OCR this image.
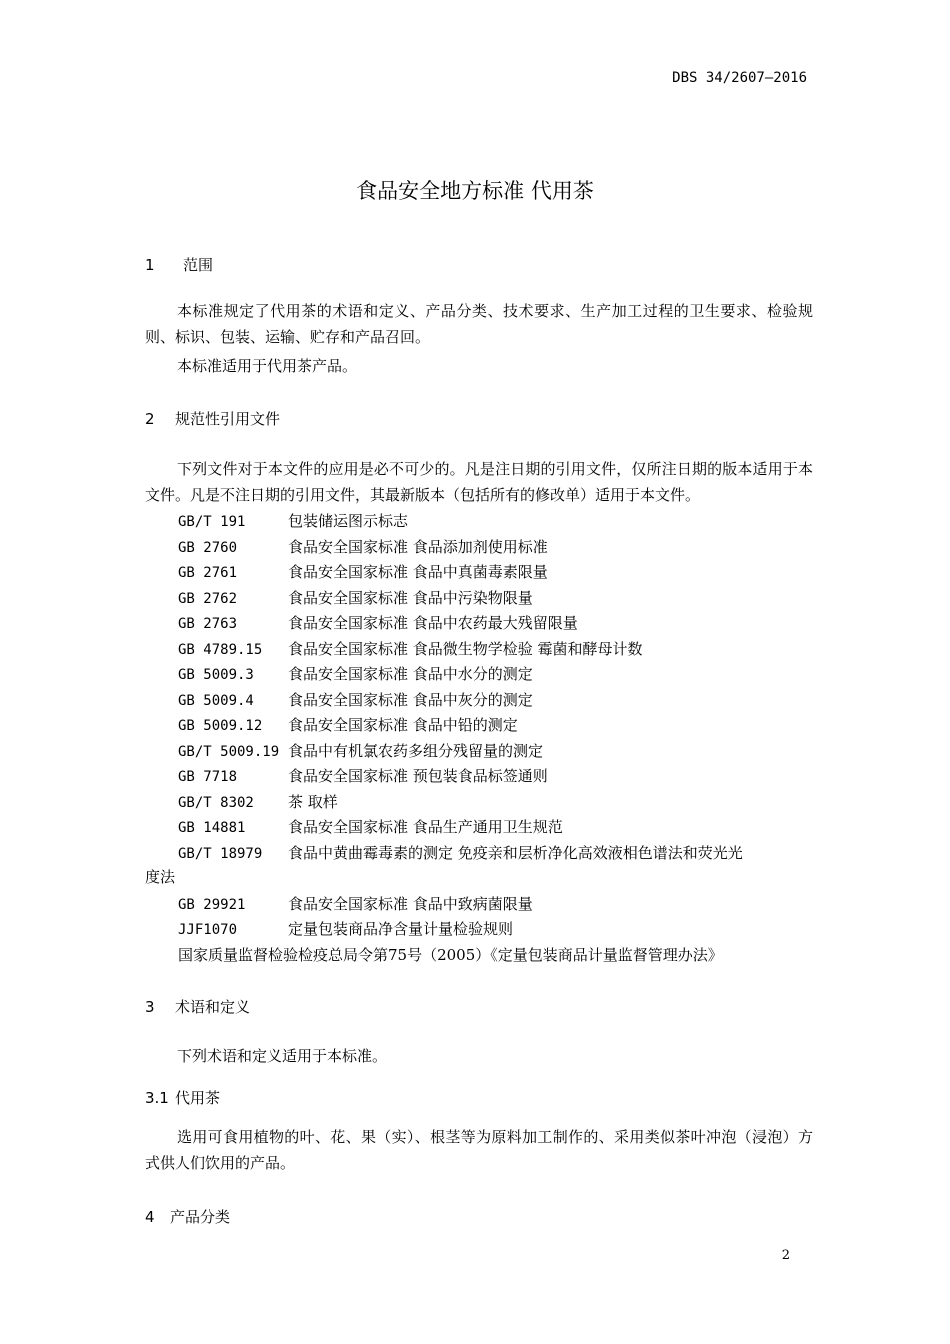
DBS 34/2607—2016
食品安全地方标准 代用茶
1 范围
本标准规定了代用茶的术语和定义、产品分类、技术要求、生产加工过程的卫生要求、检验规则、标识、包装、运输、贮存和产品召回。
本标准适用于代用茶产品。
2 规范性引用文件
下列文件对于本文件的应用是必不可少的。凡是注日期的引用文件，仅所注日期的版本适用于本文件。凡是不注日期的引用文件，其最新版本（包括所有的修改单）适用于本文件。
GB/T 191	包装储运图示标志
GB 2760	食品安全国家标准 食品添加剂使用标准
GB 2761	食品安全国家标准 食品中真菌毒素限量
GB 2762	食品安全国家标准 食品中污染物限量
GB 2763	食品安全国家标准 食品中农药最大残留限量
GB 4789.15 食品安全国家标准 食品微生物学检验 霉菌和酵母计数
GB 5009.3 食品安全国家标准 食品中水分的测定
GB 5009.4 食品安全国家标准 食品中灰分的测定
GB 5009.12 食品安全国家标准 食品中铅的测定
GB/T 5009.19 食品中有机氯农药多组分残留量的测定
GB 7718	食品安全国家标准 预包装食品标签通则
GB/T 8302 茶 取样
GB 14881	食品安全国家标准 食品生产通用卫生规范
GB/T 18979 食品中黄曲霉毒素的测定 免疫亲和层析净化高效液相色谱法和荧光光
度法
GB 29921	食品安全国家标准 食品中致病菌限量
JJF1070	定量包装商品净含量计量检验规则
国家质量监督检验检疫总局令第75号（2005）《定量包装商品计量监督管理办法》
3 术语和定义
下列术语和定义适用于本标准。
3.1 代用茶
选用可食用植物的叶、花、果（实）、根茎等为原料加工制作的、采用类似茶叶冲泡（浸泡）方式供人们饮用的产品。
4 产品分类
2
